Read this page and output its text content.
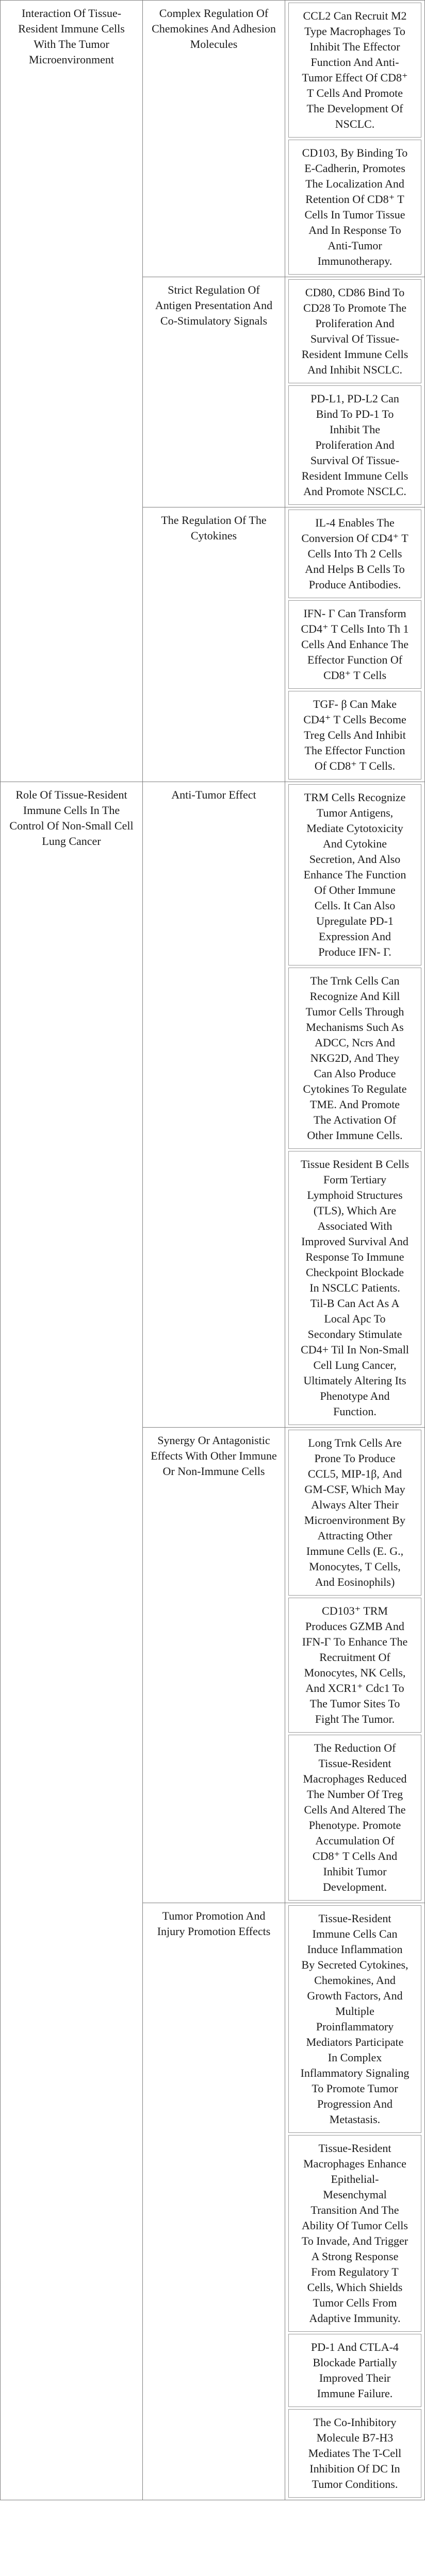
Interaction Of Tissue-Resident Immune Cells With The Tumor Microenvironment	Complex Regulation Of Chemokines And Adhesion Molecules	CCL2 Can Recruit M2 Type Macrophages To Inhibit The Effector Function And Anti-Tumor Effect Of CD8⁺ T Cells And Promote The Development Of NSCLC.
CD103, By Binding To E-Cadherin, Promotes The Localization And Retention Of CD8⁺ T Cells In Tumor Tissue And In Response To Anti-Tumor Immunotherapy.

	Strict Regulation Of Antigen Presentation And Co-Stimulatory Signals	CD80, CD86 Bind To CD28 To Promote The Proliferation And Survival Of Tissue-Resident Immune Cells And Inhibit NSCLC.
PD-L1, PD-L2 Can Bind To PD-1 To Inhibit The Proliferation And Survival Of Tissue-Resident Immune Cells And Promote NSCLC.

	The Regulation Of The Cytokines	IL-4 Enables The Conversion Of CD4⁺ T Cells Into Th 2 Cells And Helps B Cells To Produce Antibodies.
IFN- Γ Can Transform CD4⁺ T Cells Into Th 1 Cells And Enhance The Effector Function Of CD8⁺ T Cells
TGF- β Can Make CD4⁺ T Cells Become Treg Cells And Inhibit The Effector Function Of CD8⁺ T Cells.

Role Of Tissue-Resident Immune Cells In The Control Of Non-Small Cell Lung Cancer	Anti-Tumor Effect	TRM Cells Recognize Tumor Antigens, Mediate Cytotoxicity And Cytokine Secretion, And Also Enhance The Function Of Other Immune Cells. It Can Also Upregulate PD-1 Expression And Produce IFN- Γ.
The Trnk Cells Can Recognize And Kill Tumor Cells Through Mechanisms Such As ADCC, Ncrs And NKG2D, And They Can Also Produce Cytokines To Regulate TME. And Promote The Activation Of Other Immune Cells.
Tissue Resident B Cells Form Tertiary Lymphoid Structures (TLS), Which Are Associated With Improved Survival And Response To Immune Checkpoint Blockade In NSCLC Patients. Til-B Can Act As A Local Apc To Secondary Stimulate CD4+ Til In Non-Small Cell Lung Cancer, Ultimately Altering Its Phenotype And Function.

	Synergy Or Antagonistic Effects With Other Immune Or Non-Immune Cells	Long Trnk Cells Are Prone To Produce CCL5, MIP-1β, And GM-CSF, Which May Always Alter Their Microenvironment By Attracting Other Immune Cells (E. G., Monocytes, T Cells, And Eosinophils)
CD103⁺ TRM Produces GZMB And IFN-Γ To Enhance The Recruitment Of Monocytes, NK Cells, And XCR1⁺ Cdc1 To The Tumor Sites To Fight The Tumor.
The Reduction Of Tissue-Resident Macrophages Reduced The Number Of Treg Cells And Altered The Phenotype. Promote Accumulation Of CD8⁺ T Cells And Inhibit Tumor Development.

	Tumor Promotion And Injury Promotion Effects	Tissue-Resident Immune Cells Can Induce Inflammation By Secreted Cytokines, Chemokines, And Growth Factors, And Multiple Proinflammatory Mediators Participate In Complex Inflammatory Signaling To Promote Tumor Progression And Metastasis.
Tissue-Resident Macrophages Enhance Epithelial-Mesenchymal Transition And The Ability Of Tumor Cells To Invade, And Trigger A Strong Response From Regulatory T Cells, Which Shields Tumor Cells From Adaptive Immunity.
PD-1 And CTLA-4 Blockade Partially Improved Their Immune Failure.
The Co-Inhibitory Molecule B7-H3 Mediates The T-Cell Inhibition Of DC In Tumor Conditions.
